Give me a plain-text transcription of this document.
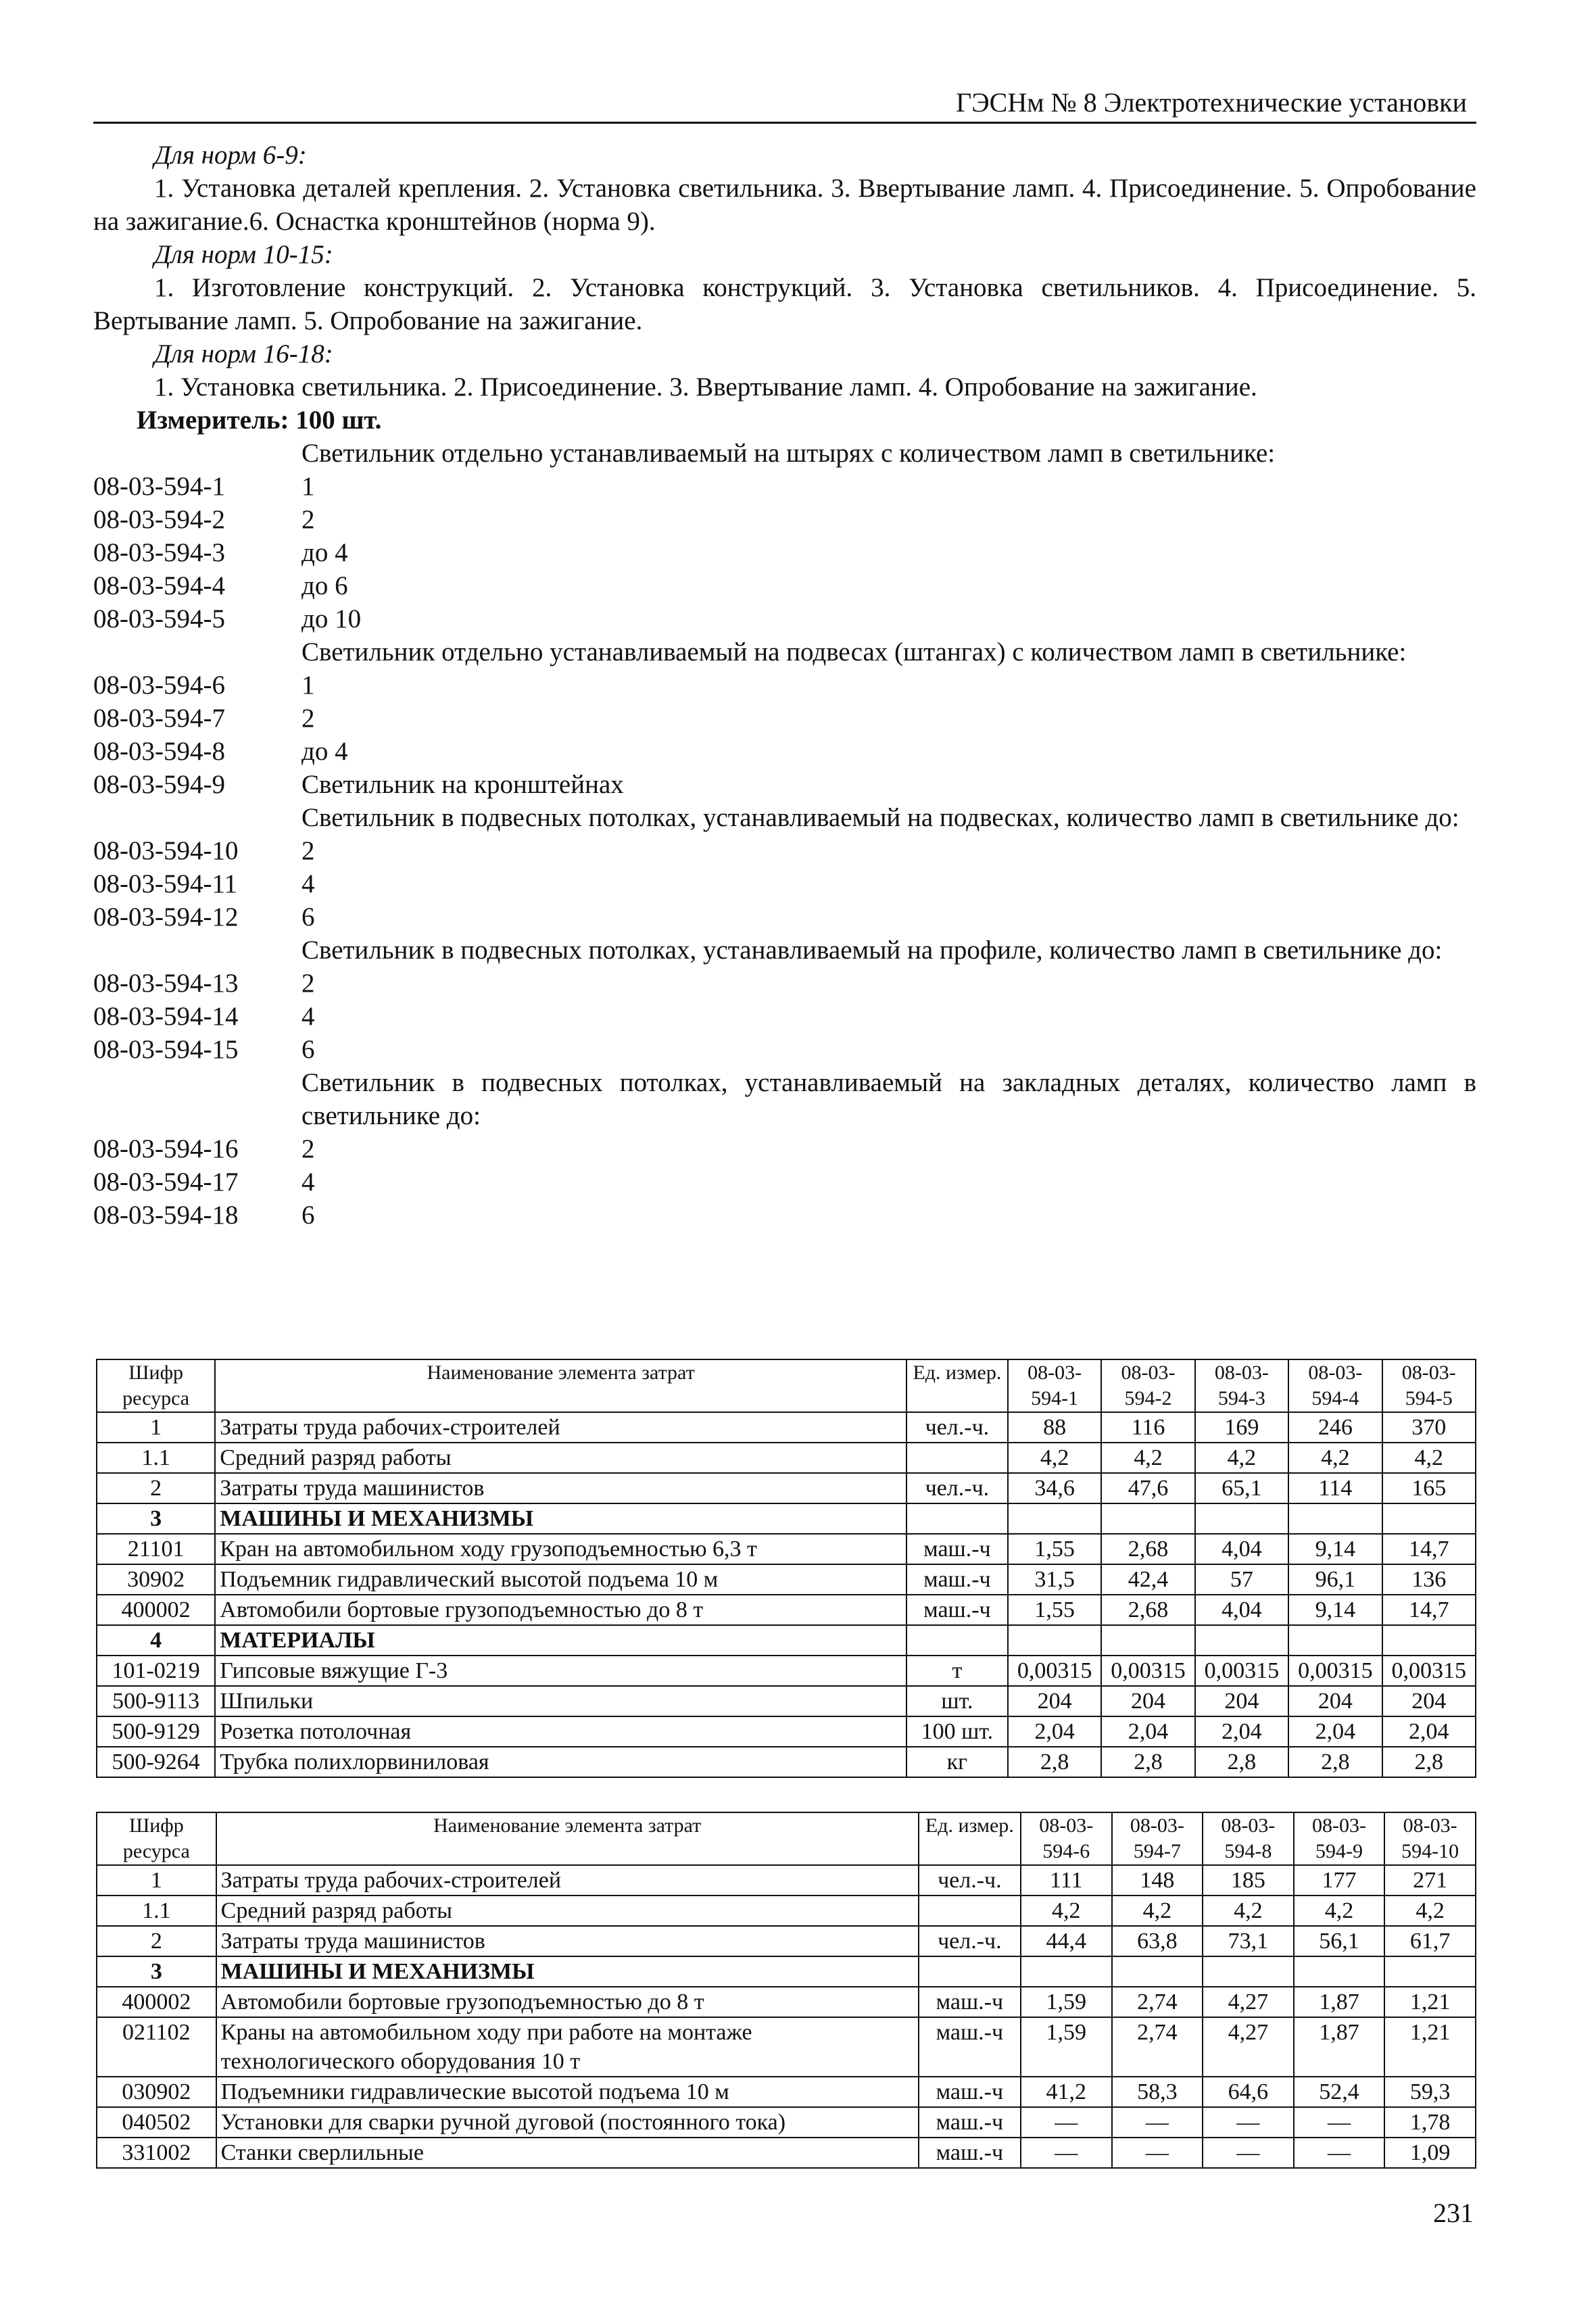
ГЭСНм № 8 Электротехнические установки
Для норм 6-9:
1. Установка деталей крепления. 2. Установка светильника. 3. Ввертывание ламп. 4. Присоединение. 5. Опробование на зажигание.6. Оснастка кронштейнов (норма 9).
Для норм 10-15:
1. Изготовление конструкций. 2. Установка конструкций. 3. Установка светильников. 4. Присоединение. 5. Вертывание ламп. 5. Опробование на зажигание.
Для норм 16-18:
1. Установка светильника. 2. Присоединение. 3. Ввертывание ламп. 4. Опробование на зажигание.
Измеритель: 100 шт.
Светильник отдельно устанавливаемый на штырях с количеством ламп в светильнике:
08-03-594-1	1
08-03-594-2	2
08-03-594-3	до 4
08-03-594-4	до 6
08-03-594-5	до 10
Светильник отдельно устанавливаемый на подвесах (штангах) с количеством ламп в светильнике:
08-03-594-6	1
08-03-594-7	2
08-03-594-8	до 4
08-03-594-9	Светильник на кронштейнах
Светильник в подвесных потолках, устанавливаемый на подвесках, количество ламп в светильнике до:
08-03-594-10	2
08-03-594-11	4
08-03-594-12	6
Светильник в подвесных потолках, устанавливаемый на профиле, количество ламп в светильнике до:
08-03-594-13	2
08-03-594-14	4
08-03-594-15	6
Светильник в подвесных потолках, устанавливаемый на закладных деталях, количество ламп в светильнике до:
08-03-594-16	2
08-03-594-17	4
08-03-594-18	6
Шифр ресурса	Наименование элемента затрат	Ед. измер.	08-03-594-1	08-03-594-2	08-03-594-3	08-03-594-4	08-03-594-5
1	Затраты труда рабочих-строителей	чел.-ч.	88	116	169	246	370
1.1	Средний разряд работы		4,2	4,2	4,2	4,2	4,2
2	Затраты труда машинистов	чел.-ч.	34,6	47,6	65,1	114	165
3	МАШИНЫ И МЕХАНИЗМЫ						
21101	Кран на автомобильном ходу грузоподъемностью 6,3 т	маш.-ч	1,55	2,68	4,04	9,14	14,7
30902	Подъемник гидравлический высотой подъема 10 м	маш.-ч	31,5	42,4	57	96,1	136
400002	Автомобили бортовые грузоподъемностью до 8 т	маш.-ч	1,55	2,68	4,04	9,14	14,7
4	МАТЕРИАЛЫ						
101-0219	Гипсовые вяжущие Г-3	т	0,00315	0,00315	0,00315	0,00315	0,00315
500-9113	Шпильки	шт.	204	204	204	204	204
500-9129	Розетка потолочная	100 шт.	2,04	2,04	2,04	2,04	2,04
500-9264	Трубка полихлорвиниловая	кг	2,8	2,8	2,8	2,8	2,8
Шифр ресурса	Наименование элемента затрат	Ед. измер.	08-03-594-6	08-03-594-7	08-03-594-8	08-03-594-9	08-03-594-10
1	Затраты труда рабочих-строителей	чел.-ч.	111	148	185	177	271
1.1	Средний разряд работы		4,2	4,2	4,2	4,2	4,2
2	Затраты труда машинистов	чел.-ч.	44,4	63,8	73,1	56,1	61,7
3	МАШИНЫ И МЕХАНИЗМЫ						
400002	Автомобили бортовые грузоподъемностью до 8 т	маш.-ч	1,59	2,74	4,27	1,87	1,21
021102	Краны на автомобильном ходу при работе на монтаже технологического оборудования 10 т	маш.-ч	1,59	2,74	4,27	1,87	1,21
030902	Подъемники гидравлические высотой подъема 10 м	маш.-ч	41,2	58,3	64,6	52,4	59,3
040502	Установки для сварки ручной дуговой (постоянного тока)	маш.-ч	—	—	—	—	1,78
331002	Станки сверлильные	маш.-ч	—	—	—	—	1,09
231
